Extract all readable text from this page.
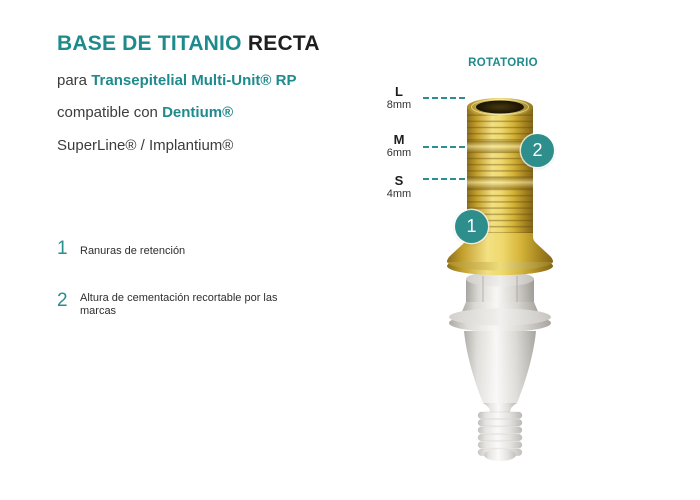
BASE DE TITANIO RECTA
para Transepitelial Multi-Unit® RP
compatible con Dentium®
SuperLine® / Implantium®
1 Ranuras de retención
2 Altura de cementación recortable por las marcas
ROTATORIO
L
8mm
M
6mm
S
4mm
1
2
